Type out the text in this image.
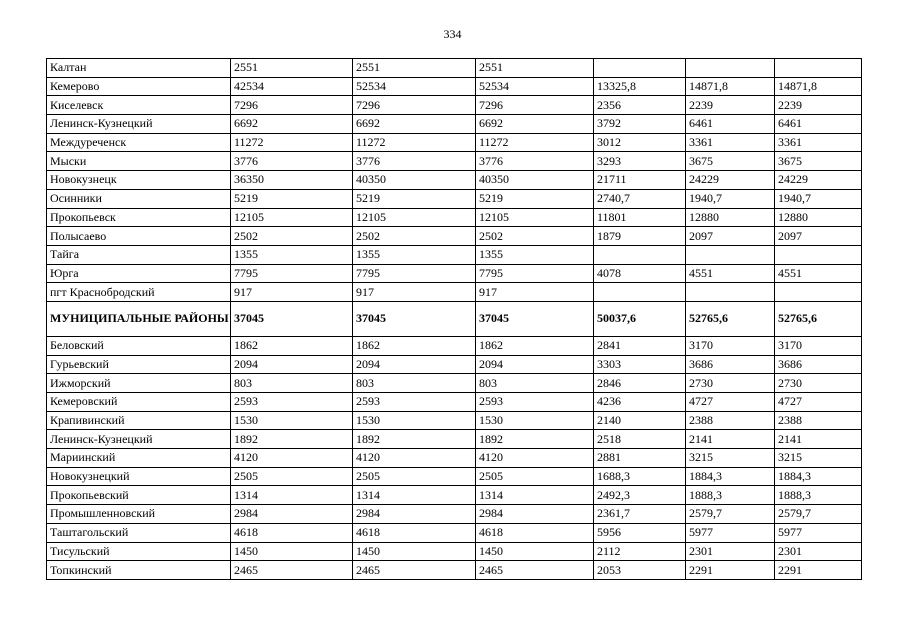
334
Калтан	2551	2551	2551			
Кемерово	42534	52534	52534	13325,8	14871,8	14871,8
Киселевск	7296	7296	7296	2356	2239	2239
Ленинск-Кузнецкий	6692	6692	6692	3792	6461	6461
Междуреченск	11272	11272	11272	3012	3361	3361
Мыски	3776	3776	3776	3293	3675	3675
Новокузнецк	36350	40350	40350	21711	24229	24229
Осинники	5219	5219	5219	2740,7	1940,7	1940,7
Прокопьевск	12105	12105	12105	11801	12880	12880
Полысаево	2502	2502	2502	1879	2097	2097
Тайга	1355	1355	1355			
Юрга	7795	7795	7795	4078	4551	4551
пгт Краснобродский	917	917	917			
МУНИЦИПАЛЬНЫЕ РАЙОНЫ	37045	37045	37045	50037,6	52765,6	52765,6
Беловский	1862	1862	1862	2841	3170	3170
Гурьевский	2094	2094	2094	3303	3686	3686
Ижморский	803	803	803	2846	2730	2730
Кемеровский	2593	2593	2593	4236	4727	4727
Крапивинский	1530	1530	1530	2140	2388	2388
Ленинск-Кузнецкий	1892	1892	1892	2518	2141	2141
Мариинский	4120	4120	4120	2881	3215	3215
Новокузнецкий	2505	2505	2505	1688,3	1884,3	1884,3
Прокопьевский	1314	1314	1314	2492,3	1888,3	1888,3
Промышленновский	2984	2984	2984	2361,7	2579,7	2579,7
Таштагольский	4618	4618	4618	5956	5977	5977
Тисульский	1450	1450	1450	2112	2301	2301
Топкинский	2465	2465	2465	2053	2291	2291
